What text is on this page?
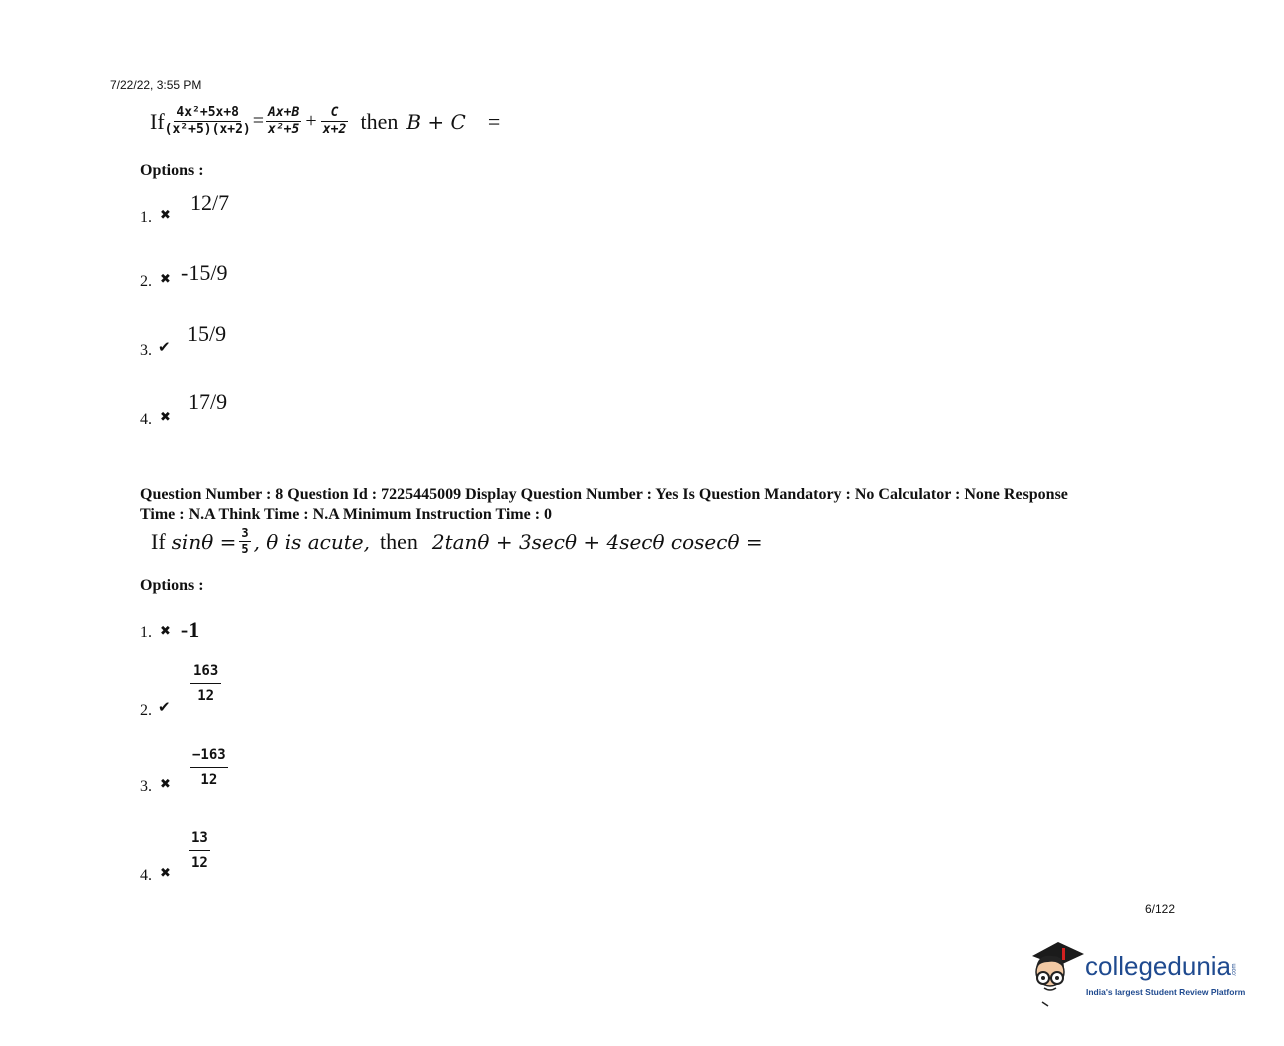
7/22/22, 3:55 PM
If $\frac{\text{4x²+5x+8}}{\text{(x²+5)(x+2)}} = \frac{Ax+B}{\text{x²+5}} + \frac{C}{x+2}$ then B + C =
Options :
1. ✖
12/7
2. ✖ -15/9
3. ✔
15/9
4. ✖
17/9
Question Number : 8 Question Id : 7225445009 Display Question Number : Yes Is Question Mandatory : No Calculator : None Response
Time : N.A Think Time : N.A Minimum Instruction Time : 0
If $\sin\theta = \frac{3}{5}$ , θ is acute, then 2tanθ + 3secθ + 4secθ cosecθ =
Options :
1. ✖ -1
$\frac{163}{12}$
2. ✔
$\frac{-163}{12}$
3. ✖
$\frac{13}{12}$
4. ✖
6/122
collegedunia.com
India's largest Student Review Platform
